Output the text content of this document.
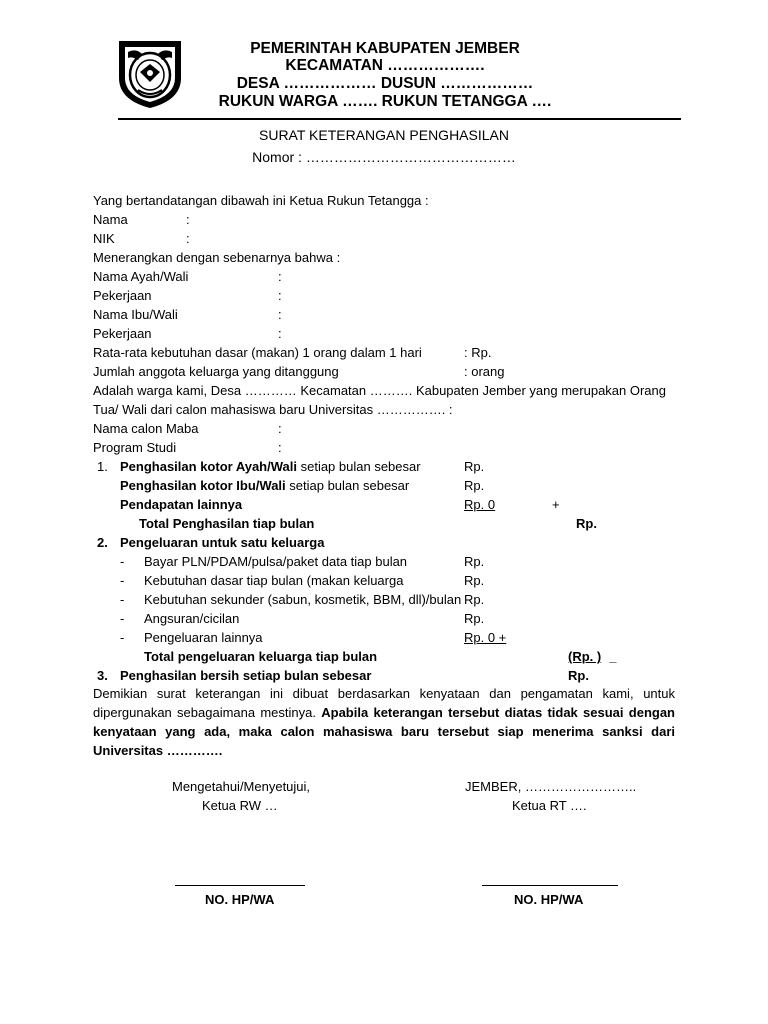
PEMERINTAH KABUPATEN JEMBER
KECAMATAN ……………….
DESA ……………… DUSUN ………………
RUKUN WARGA ……. RUKUN TETANGGA ….
SURAT KETERANGAN PENGHASILAN
Nomor : ………………………………………
Yang bertandatangan dibawah ini Ketua Rukun Tetangga :
Nama	:
NIK	:
Menerangkan dengan sebenarnya bahwa :
Nama Ayah/Wali	:
Pekerjaan	:
Nama Ibu/Wali	:
Pekerjaan	:
Rata-rata kebutuhan dasar (makan) 1 orang dalam 1 hari	: Rp.
Jumlah anggota keluarga yang ditanggung	: orang
Adalah warga kami, Desa ………… Kecamatan ………. Kabupaten Jember yang merupakan Orang
Tua/ Wali dari calon mahasiswa baru Universitas ……………. :
Nama calon Maba	:
Program Studi	:
1. Penghasilan kotor Ayah/Wali setiap bulan sebesar	Rp.
Penghasilan kotor Ibu/Wali setiap bulan sebesar	Rp.
Pendapatan lainnya	Rp. 0	+
Total Penghasilan tiap bulan	Rp.
2. Pengeluaran untuk satu keluarga
- Bayar PLN/PDAM/pulsa/paket data tiap bulan	Rp.
- Kebutuhan dasar tiap bulan (makan keluarga	Rp.
- Kebutuhan sekunder (sabun, kosmetik, BBM, dll)/bulan Rp.
- Angsuran/cicilan	Rp.
- Pengeluaran lainnya	Rp. 0 +
Total pengeluaran keluarga tiap bulan	(Rp. ) _
3. Penghasilan bersih setiap bulan sebesar	Rp.
Demikian surat keterangan ini dibuat berdasarkan kenyataan dan pengamatan kami, untuk
dipergunakan sebagaimana mestinya. Apabila keterangan tersebut diatas tidak sesuai dengan
kenyataan yang ada, maka calon mahasiswa baru tersebut siap menerima sanksi dari
Universitas ………….
Mengetahui/Menyetujui,
Ketua RW …
NO. HP/WA
JEMBER, ……………………..
Ketua RT ….
NO. HP/WA
